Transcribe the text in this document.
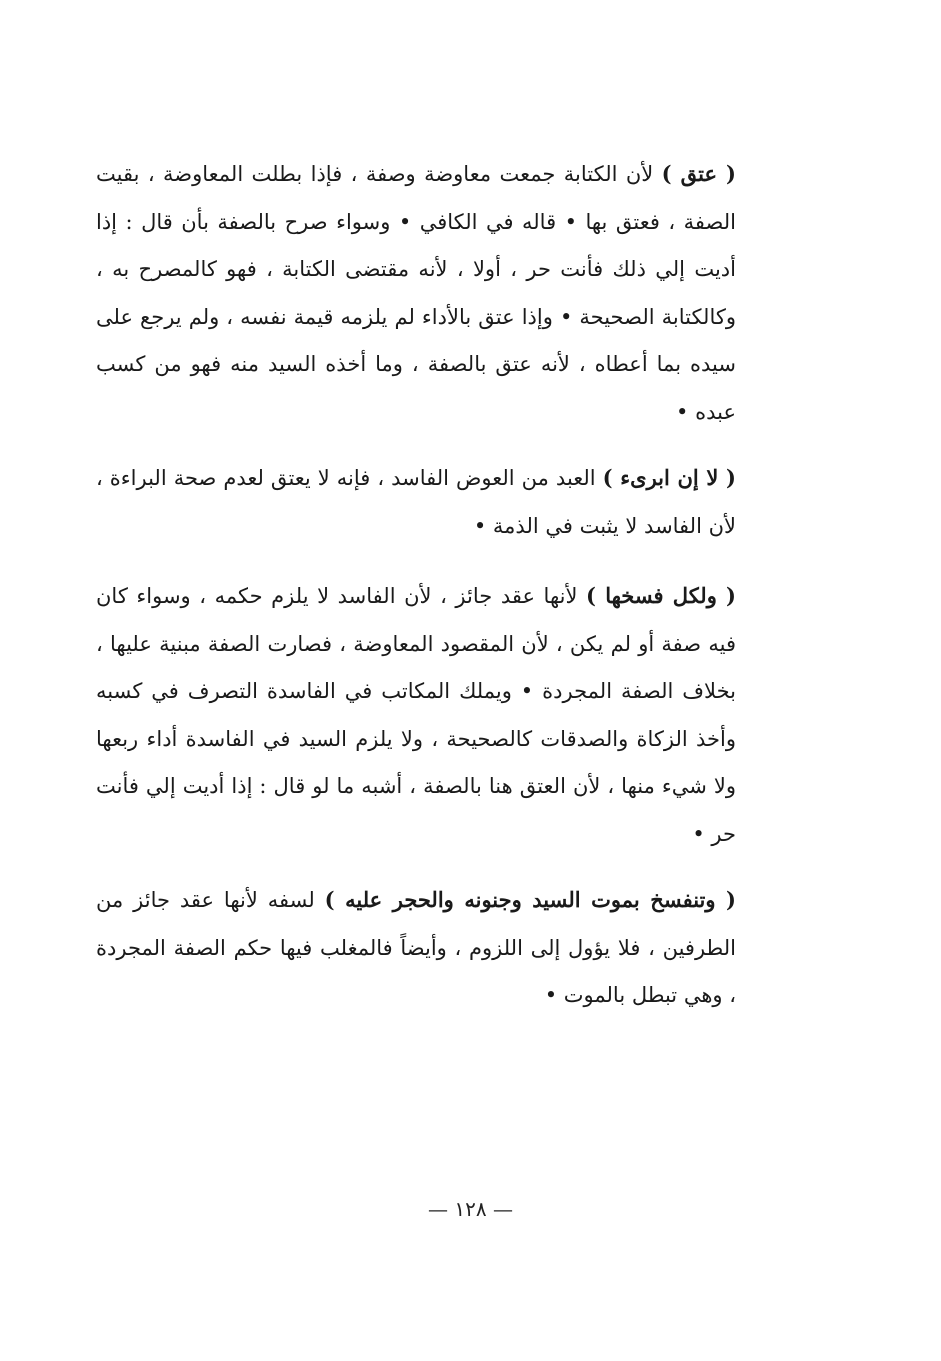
( عتق ) لأن الكتابة جمعت معاوضة وصفة ، فإذا بطلت المعاوضة ، بقيت الصفة ، فعتق بها • قاله في الكافي • وسواء صرح بالصفة بأن قال : إذا أديت إلي ذلك فأنت حر ، أولا ، لأنه مقتضى الكتابة ، فهو كالمصرح به ، وكالكتابة الصحيحة • وإذا عتق بالأداء لم يلزمه قيمة نفسه ، ولم يرجع على سيده بما أعطاه ، لأنه عتق بالصفة ، وما أخذه السيد منه فهو من كسب عبده •

( لا إن ابرىء ) العبد من العوض الفاسد ، فإنه لا يعتق لعدم صحة البراءة ، لأن الفاسد لا يثبت في الذمة •

( ولكل فسخها ) لأنها عقد جائز ، لأن الفاسد لا يلزم حكمه ، وسواء كان فيه صفة أو لم يكن ، لأن المقصود المعاوضة ، فصارت الصفة مبنية عليها ، بخلاف الصفة المجردة • ويملك المكاتب في الفاسدة التصرف في كسبه وأخذ الزكاة والصدقات كالصحيحة ، ولا يلزم السيد في الفاسدة أداء ربعها ولا شيء منها ، لأن العتق هنا بالصفة ، أشبه ما لو قال : إذا أديت إلي فأنت حر •

( وتنفسخ بموت السيد وجنونه والحجر عليه ) لسفه لأنها عقد جائز من الطرفين ، فلا يؤول إلى اللزوم ، وأيضاً فالمغلب فيها حكم الصفة المجردة ، وهي تبطل بالموت •

— ١٢٨ —
